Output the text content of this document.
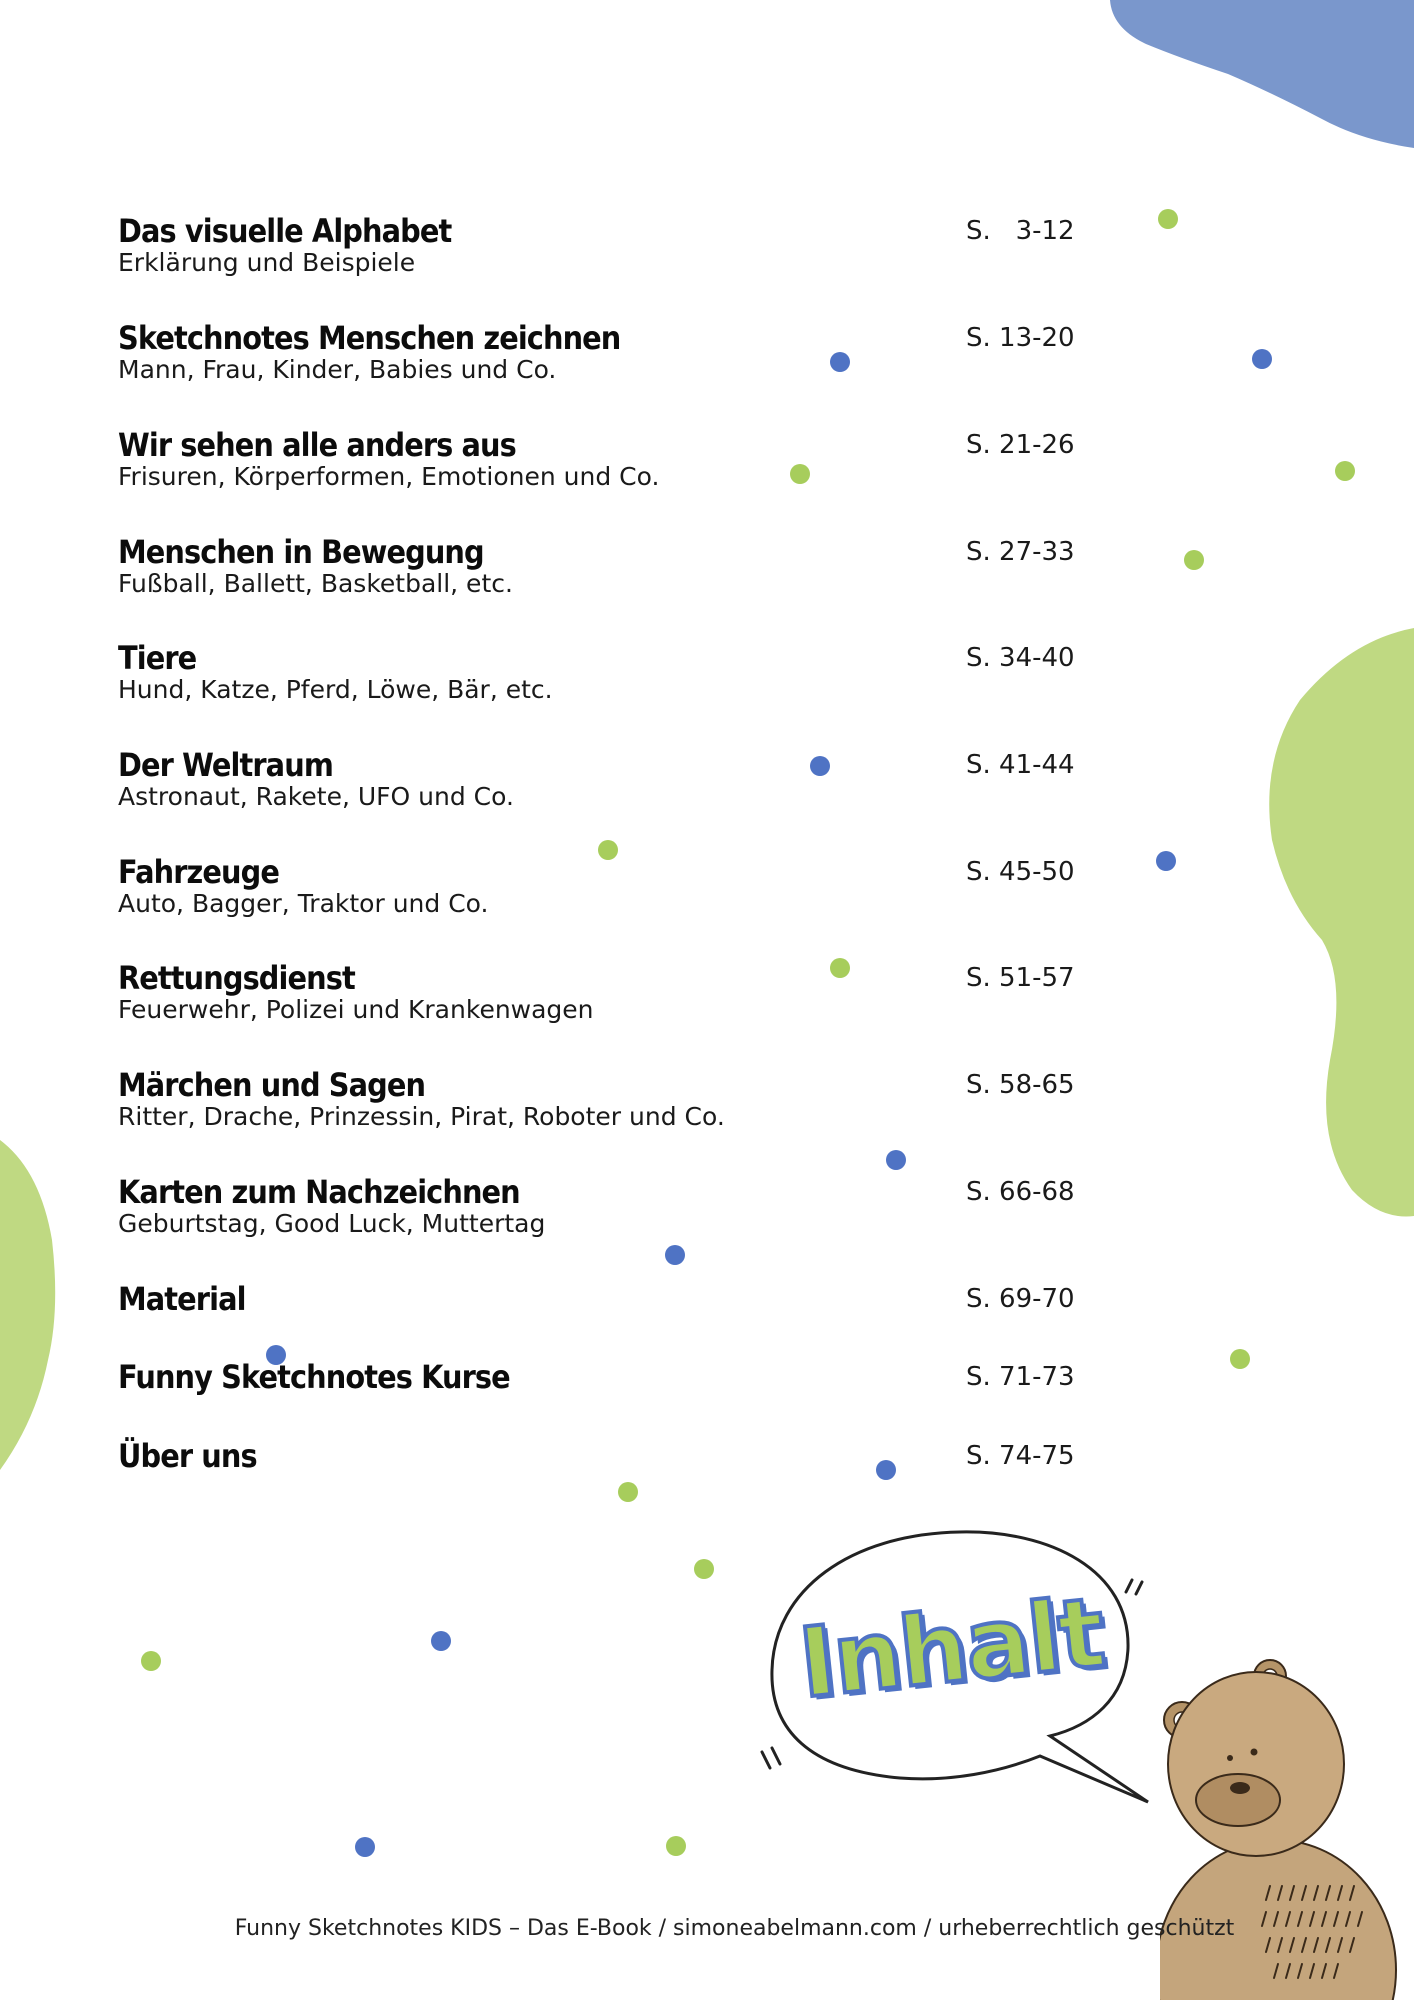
Das visuelle Alphabet
Erklärung und Beispiele
S.   3-12
Sketchnotes Menschen zeichnen
Mann, Frau, Kinder, Babies und Co.
S. 13-20
Wir sehen alle anders aus
Frisuren, Körperformen, Emotionen und Co.
S. 21-26
Menschen in Bewegung
Fußball, Ballett, Basketball, etc.
S. 27-33
Tiere
Hund, Katze, Pferd, Löwe, Bär, etc.
S. 34-40
Der Weltraum
Astronaut, Rakete, UFO und Co.
S. 41-44
Fahrzeuge
Auto, Bagger, Traktor und Co.
S. 45-50
Rettungsdienst
Feuerwehr, Polizei und Krankenwagen
S. 51-57
Märchen und Sagen
Ritter, Drache, Prinzessin, Pirat, Roboter und Co.
S. 58-65
Karten zum Nachzeichnen
Geburtstag, Good Luck, Muttertag
S. 66-68
Material	S. 69-70
Funny Sketchnotes Kurse	S. 71-73
Über uns	S. 74-75
Inhalt
Funny Sketchnotes KIDS – Das E-Book / simoneabelmann.com / urheberrechtlich geschützt
